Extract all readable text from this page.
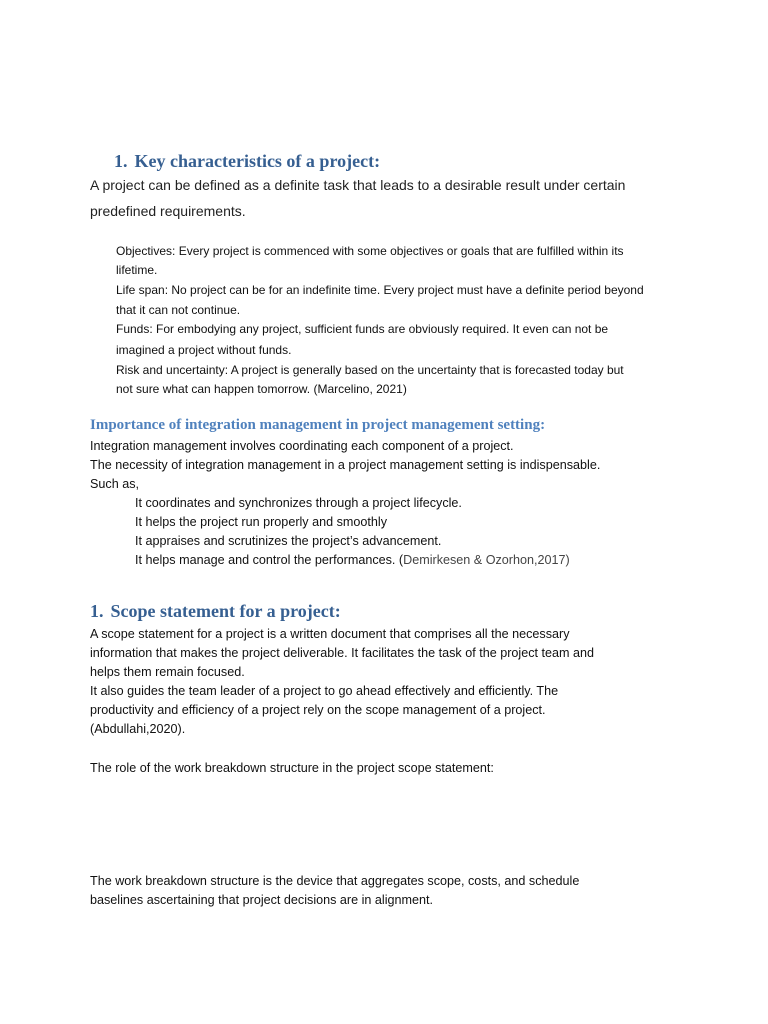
1. Key characteristics of a project:
A project can be defined as a definite task that leads to a desirable result under certain
predefined requirements.
Objectives: Every project is commenced with some objectives or goals that are fulfilled within its
lifetime.
Life span: No project can be for an indefinite time. Every project must have a definite period beyond
that it can not continue.
Funds: For embodying any project, sufficient funds are obviously required. It even can not be
imagined a project without funds.
Risk and uncertainty: A project is generally based on the uncertainty that is forecasted today but
not sure what can happen tomorrow. (Marcelino, 2021)
Importance of integration management in project management setting:
Integration management involves coordinating each component of a project.
The necessity of integration management in a project management setting is indispensable.
Such as,
It coordinates and synchronizes through a project lifecycle.
It helps the project run properly and smoothly
It appraises and scrutinizes the project’s advancement.
It helps manage and control the performances. (Demirkesen & Ozorhon,2017)
1. Scope statement for a project:
A scope statement for a project is a written document that comprises all the necessary
information that makes the project deliverable. It facilitates the task of the project team and
helps them remain focused.
It also guides the team leader of a project to go ahead effectively and efficiently. The
productivity and efficiency of a project rely on the scope management of a project.
(Abdullahi,2020).
The role of the work breakdown structure in the project scope statement:
The work breakdown structure is the device that aggregates scope, costs, and schedule
baselines ascertaining that project decisions are in alignment.
